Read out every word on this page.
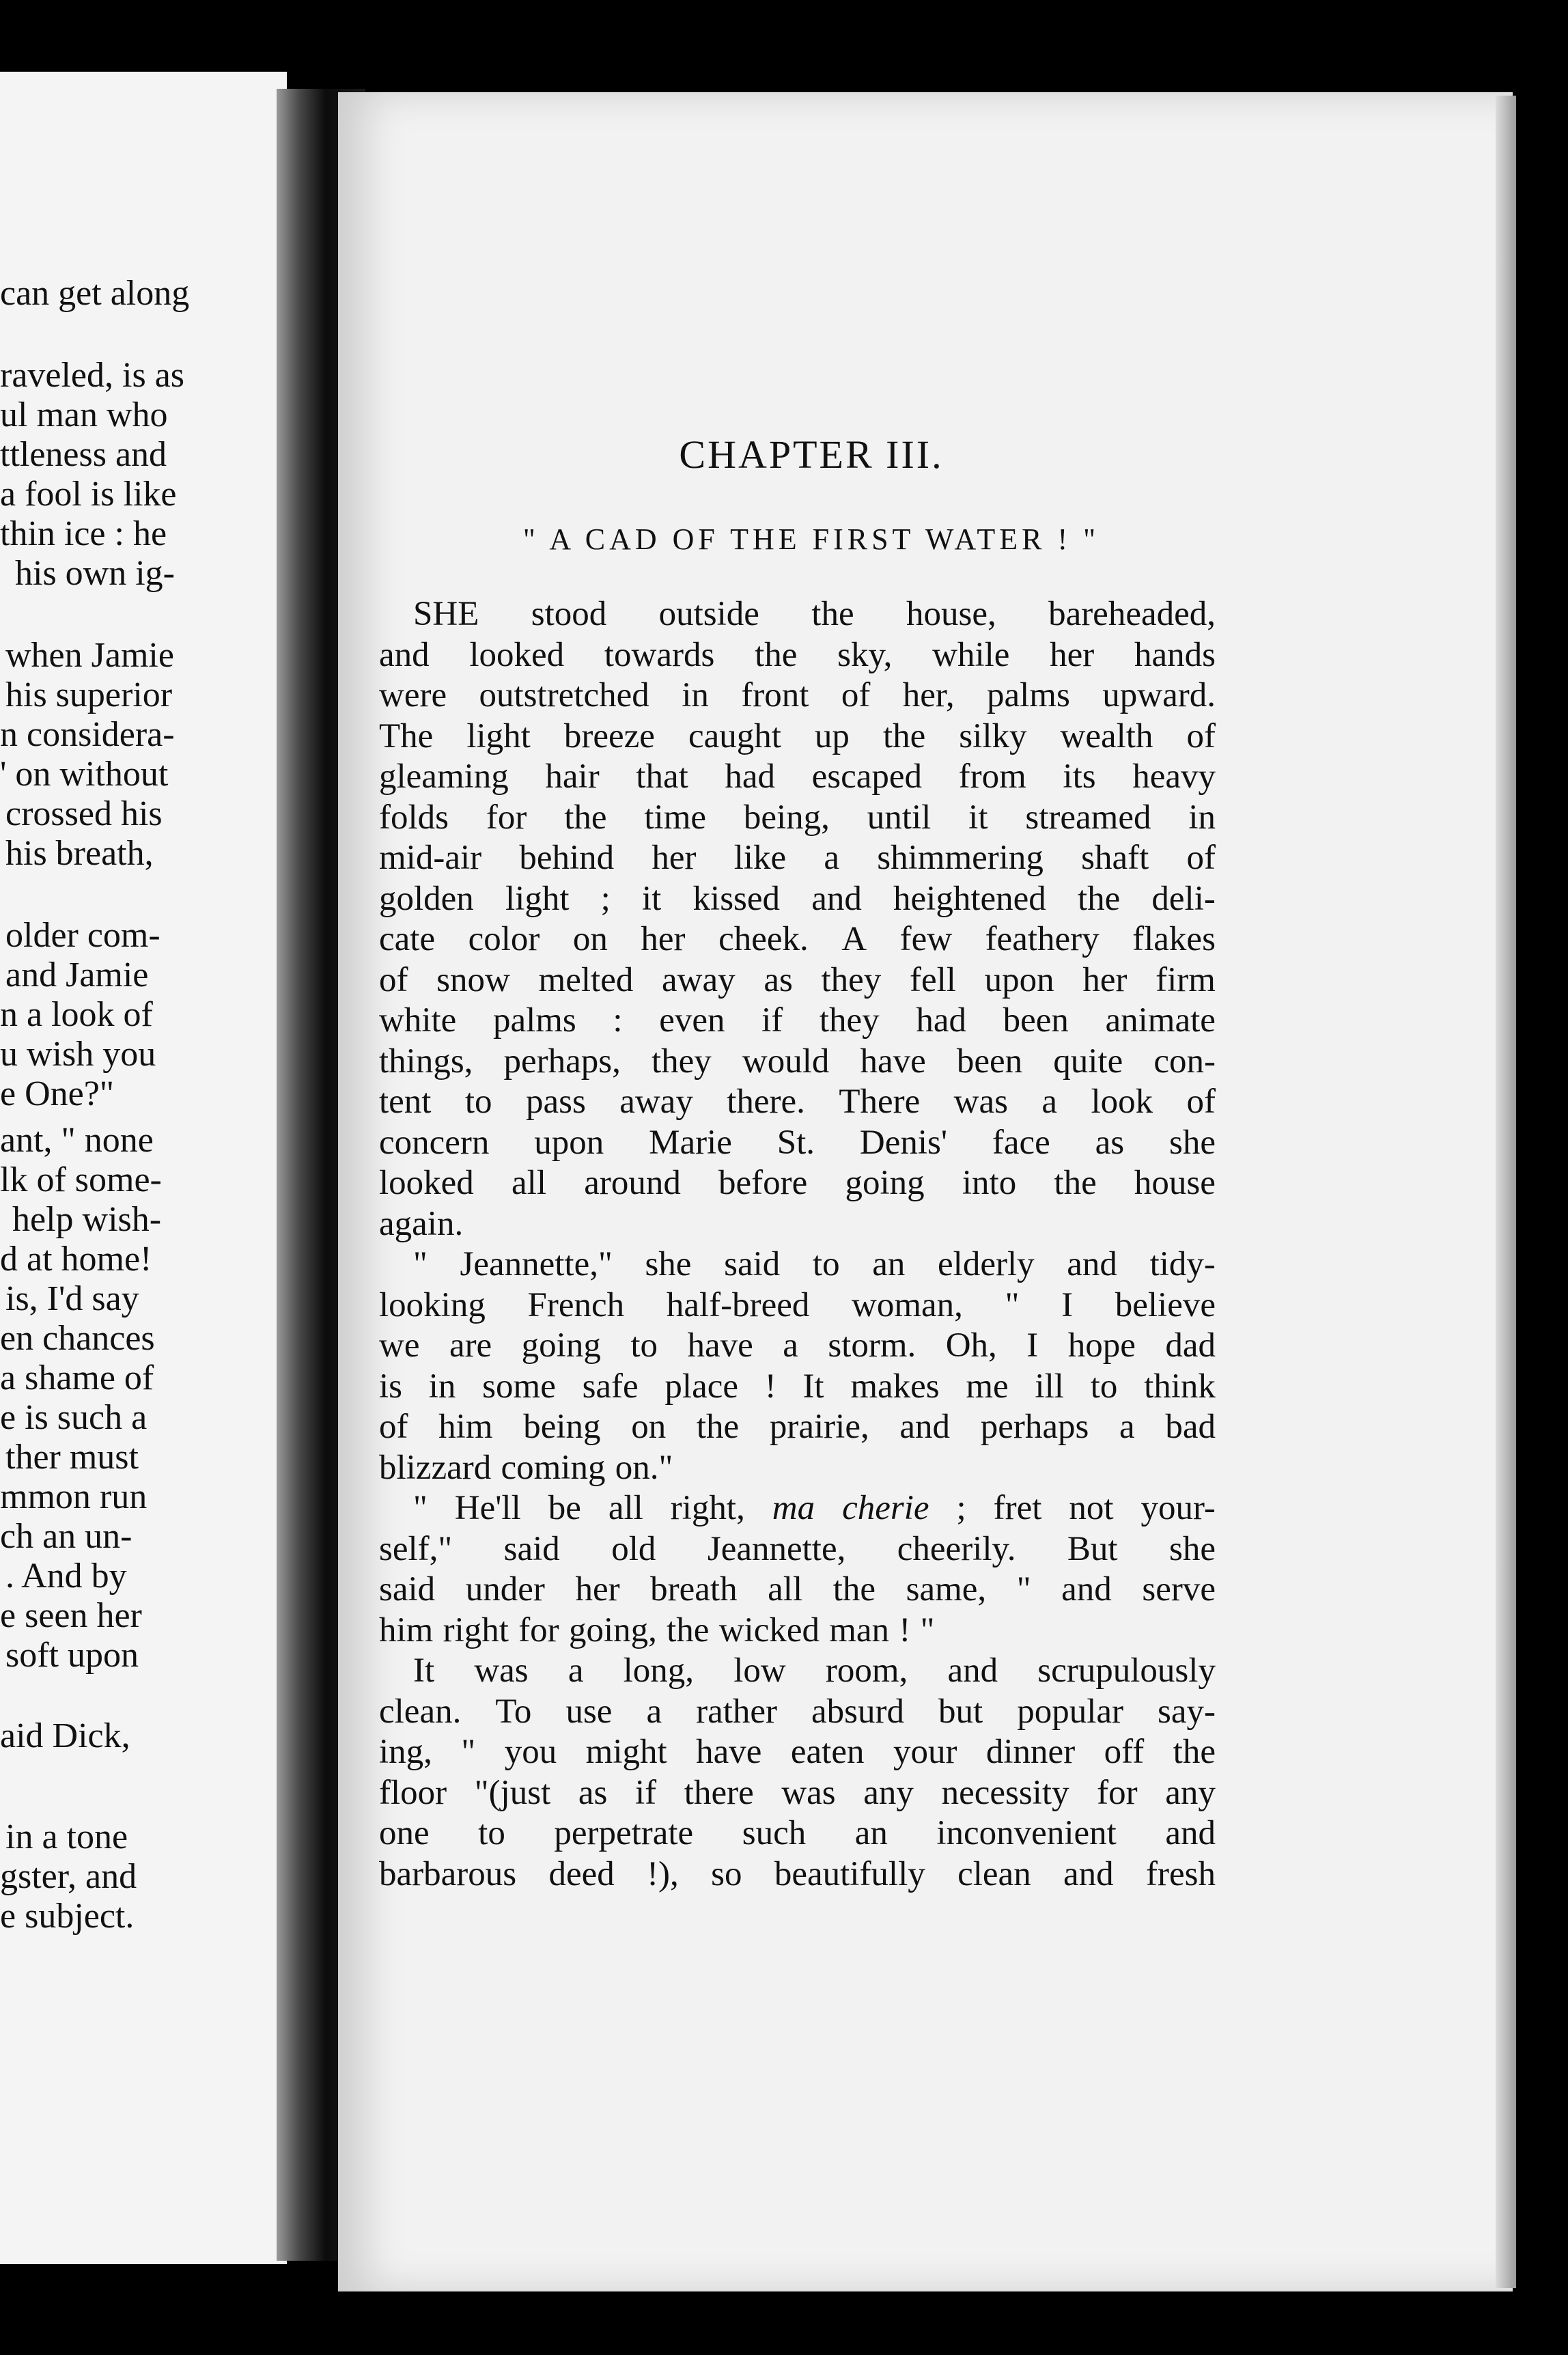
can get along
raveled, is as
ul man who
ttleness and
a fool is like
thin ice : he
his own ig-
when Jamie
his superior
n considera-
' on without
crossed his
his breath,
older com-
and Jamie
n a look of
u wish you
e One?"
ant, " none
lk of some-
help wish-
d at home!
is, I'd say
en chances
a shame of
e is such a
ther must
mmon run
ch an un-
. And by
e seen her
soft upon
aid Dick,
in a tone
gster, and
e subject.
CHAPTER III.
" A CAD OF THE FIRST WATER ! "
SHE stood outside the house, bareheaded,
and looked towards the sky, while her hands
were outstretched in front of her, palms upward.
The light breeze caught up the silky wealth of
gleaming hair that had escaped from its heavy
folds for the time being, until it streamed in
mid-air behind her like a shimmering shaft of
golden light ; it kissed and heightened the deli-
cate color on her cheek. A few feathery flakes
of snow melted away as they fell upon her firm
white palms : even if they had been animate
things, perhaps, they would have been quite con-
tent to pass away there. There was a look of
concern upon Marie St. Denis' face as she
looked all around before going into the house
again.
" Jeannette," she said to an elderly and tidy-
looking French half-breed woman, " I believe
we are going to have a storm. Oh, I hope dad
is in some safe place ! It makes me ill to think
of him being on the prairie, and perhaps a bad
blizzard coming on."
" He'll be all right, ma cherie ; fret not your-
self," said old Jeannette, cheerily. But she
said under her breath all the same, " and serve
him right for going, the wicked man ! "
It was a long, low room, and scrupulously
clean. To use a rather absurd but popular say-
ing, " you might have eaten your dinner off the
floor "(just as if there was any necessity for any
one to perpetrate such an inconvenient and
barbarous deed !), so beautifully clean and fresh
